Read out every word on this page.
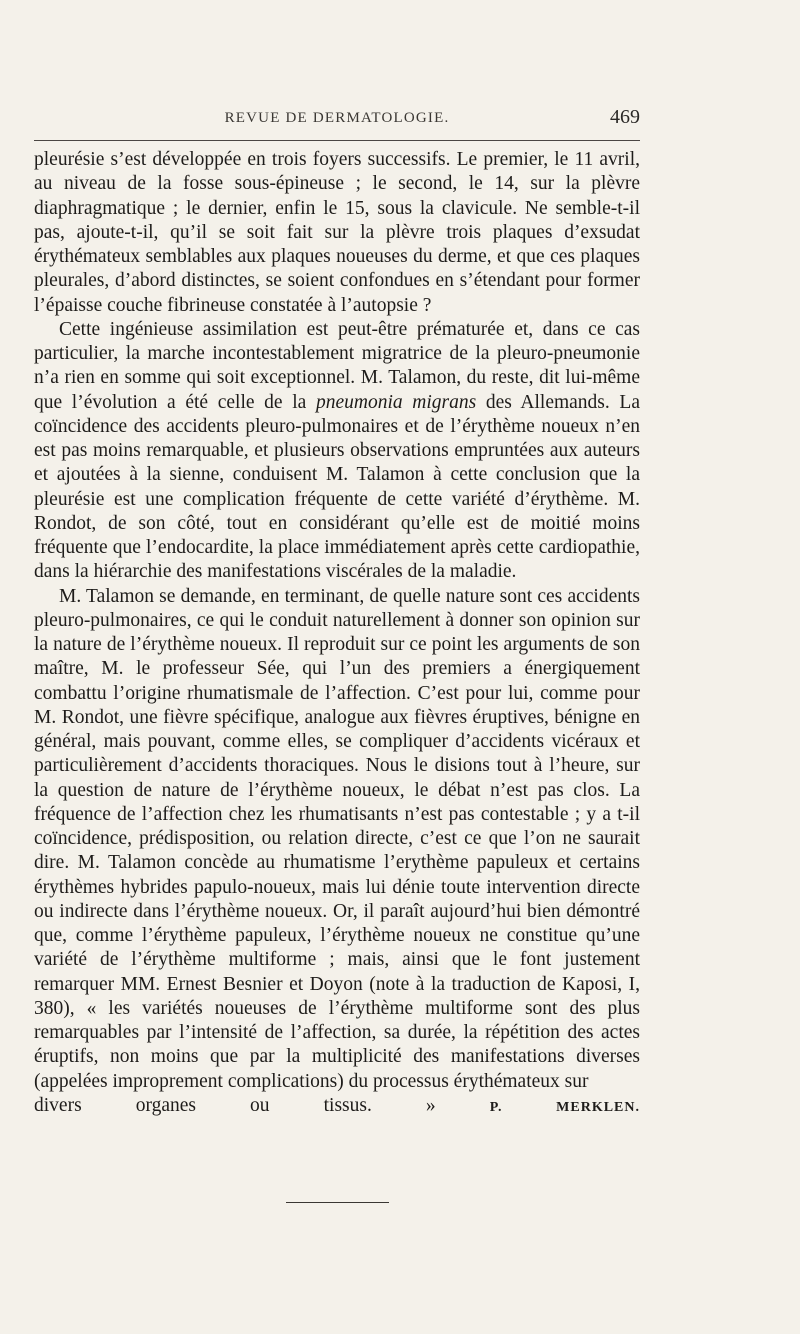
REVUE DE DERMATOLOGIE.	469

pleurésie s’est développée en trois foyers successifs. Le premier, le 11 avril, au niveau de la fosse sous-épineuse ; le second, le 14, sur la plèvre diaphragmatique ; le dernier, enfin le 15, sous la clavicule. Ne semble-t-il pas, ajoute-t-il, qu’il se soit fait sur la plèvre trois plaques d’exsudat érythémateux semblables aux plaques noueuses du derme, et que ces plaques pleurales, d’abord distinctes, se soient confondues en s’étendant pour former l’épaisse couche fibrineuse constatée à l’autopsie ?

Cette ingénieuse assimilation est peut-être prématurée et, dans ce cas particulier, la marche incontestablement migratrice de la pleuro-pneumonie n’a rien en somme qui soit exceptionnel. M. Talamon, du reste, dit lui-même que l’évolution a été celle de la pneumonia migrans des Allemands. La coïncidence des accidents pleuro-pulmonaires et de l’érythème noueux n’en est pas moins remarquable, et plusieurs observations empruntées aux auteurs et ajoutées à la sienne, conduisent M. Talamon à cette conclusion que la pleurésie est une complication fréquente de cette variété d’érythème. M. Rondot, de son côté, tout en considérant qu’elle est de moitié moins fréquente que l’endocardite, la place immédiatement après cette cardiopathie, dans la hiérarchie des manifestations viscérales de la maladie.

M. Talamon se demande, en terminant, de quelle nature sont ces accidents pleuro-pulmonaires, ce qui le conduit naturellement à donner son opinion sur la nature de l’érythème noueux. Il reproduit sur ce point les arguments de son maître, M. le professeur Sée, qui l’un des premiers a énergiquement combattu l’origine rhumatismale de l’affection. C’est pour lui, comme pour M. Rondot, une fièvre spécifique, analogue aux fièvres éruptives, bénigne en général, mais pouvant, comme elles, se compliquer d’accidents vicéraux et particulièrement d’accidents thoraciques. Nous le disions tout à l’heure, sur la question de nature de l’érythème noueux, le débat n’est pas clos. La fréquence de l’affection chez les rhumatisants n’est pas contestable ; y a t-il coïncidence, prédisposition, ou relation directe, c’est ce que l’on ne saurait dire. M. Talamon concède au rhumatisme l’erythème papuleux et certains érythèmes hybrides papulo-noueux, mais lui dénie toute intervention directe ou indirecte dans l’érythème noueux. Or, il paraît aujourd’hui bien démontré que, comme l’érythème papuleux, l’érythème noueux ne constitue qu’une variété de l’érythème multiforme ; mais, ainsi que le font justement remarquer MM. Ernest Besnier et Doyon (note à la traduction de Kaposi, I, 380), « les variétés noueuses de l’érythème multiforme sont des plus remarquables par l’intensité de l’affection, sa durée, la répétition des actes éruptifs, non moins que par la multiplicité des manifestations diverses (appelées improprement complications) du processus érythémateux sur

divers organes ou tissus. »	P. MERKLEN.
